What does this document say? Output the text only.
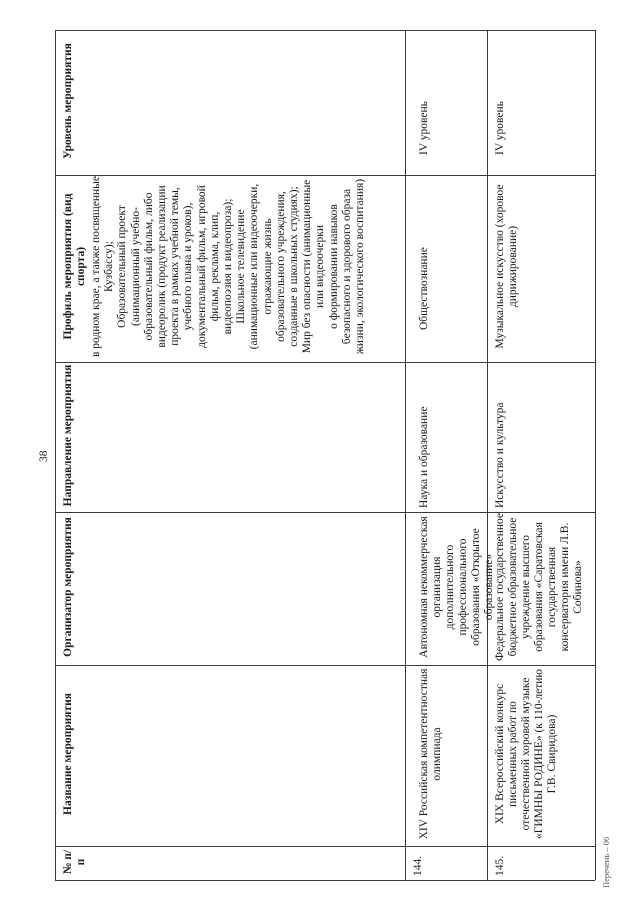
38
№ п/п
Название мероприятия
Организатор мероприятия
Направление мероприятия
Профиль мероприятия (вид спорта)
Уровень мероприятия
в родном крае, а также посвященные Кузбассу); Образовательный проект (анимационный учебно- образовательный фильм, либо видеоролик (продукт реализации проекта в рамках учебной темы, учебного плана и уроков), документальный фильм, игровой фильм, реклама, клип, видеопоэзия и видеопроза); Школьное телевидение (анимационные или видеоочерки, отражающие жизнь образовательного учреждения, созданные в школьных студиях); Мир без опасности (анимационные или видеоочерки о формировании навыков безопасного и здорового образа жизни, экологического воспитания)
144.
XIV Российская компетентностная олимпиада
Автономная некоммерческая организация дополнительного профессионального образования «Открытое образование»
Наука и образование
Обществознание
IV уровень
145.
XIX Всероссийский конкурс письменных работ по отечественной хоровой музыке «ГИМНЫ РОДИНЕ» (к 110-летию Г.В. Свиридова)
Федеральное государственное бюджетное образовательное учреждение высшего образования «Саратовская государственная консерватория имени Л.В. Собинова»
Искусство и культура
Музыкальное искусство (хоровое дирижирование)
IV уровень
Перечень – 06
